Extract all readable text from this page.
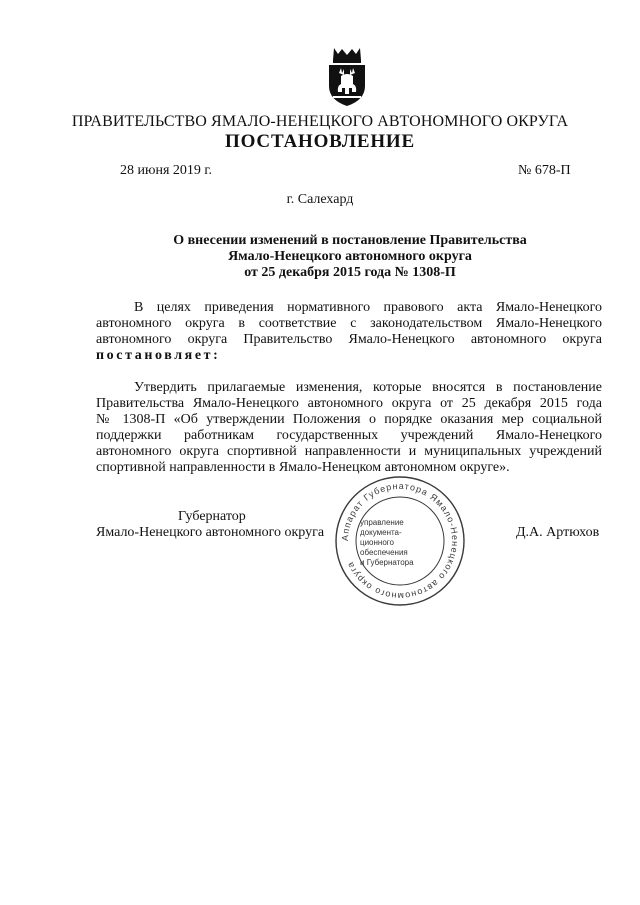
ПРАВИТЕЛЬСТВО ЯМАЛО-НЕНЕЦКОГО АВТОНОМНОГО ОКРУГА
ПОСТАНОВЛЕНИЕ
28 июня 2019 г.	№ 678-П
г. Салехард
О внесении изменений в постановление Правительства
Ямало-Ненецкого автономного округа
от 25 декабря 2015 года № 1308-П
В целях приведения нормативного правового акта Ямало-Ненецкого
автономного округа в соответствие с законодательством Ямало-Ненецкого
автономного округа Правительство Ямало-Ненецкого автономного округа
постановляет:
Утвердить прилагаемые изменения, которые вносятся в постановление
Правительства Ямало-Ненецкого автономного округа от 25 декабря 2015 года
№ 1308-П «Об утверждении Положения о порядке оказания мер социальной
поддержки работникам государственных учреждений Ямало-Ненецкого
автономного округа спортивной направленности и муниципальных учреждений
спортивной направленности в Ямало-Ненецком автономном округе».
Аппарат Губернатора Ямало-Ненецкого автономного округа
управление
документа-
ционного
обеспечения
и Губернатора
Губернатор
Ямало-Ненецкого автономного округа	Д.А. Артюхов
